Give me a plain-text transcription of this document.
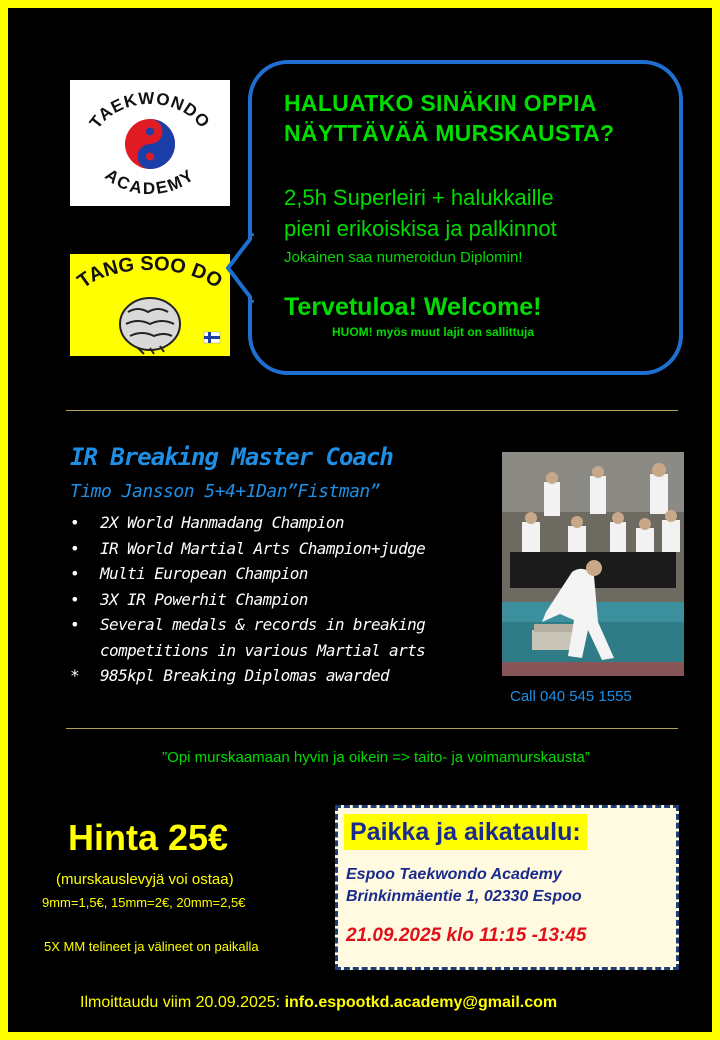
TAEKWONDO
ACADEMY
TANG SOO DO
HALUATKO SINÄKIN OPPIA
NÄYTTÄVÄÄ MURSKAUSTA?
2,5h Superleiri + halukkaille
pieni erikoiskisa ja palkinnot
Jokainen saa numeroidun Diplomin!
Tervetuloa! Welcome!
HUOM! myös muut lajit on sallittuja
IR Breaking Master Coach
Timo Jansson 5+4+1Dan”Fistman”
•	2X World Hanmadang Champion
•	IR World Martial Arts Champion+judge
•	Multi European Champion
•	3X IR Powerhit Champion
•	Several medals & records in breaking
competitions in various Martial arts
*	985kpl Breaking Diplomas awarded
Call 040 545 1555
”Opi murskaamaan hyvin ja oikein => taito- ja voimamurskausta”
Hinta 25€
(murskauslevyjä voi ostaa)
9mm=1,5€, 15mm=2€, 20mm=2,5€
5X MM telineet ja välineet on paikalla
Paikka ja aikataulu:
Espoo Taekwondo Academy
Brinkinmäentie 1, 02330 Espoo
21.09.2025 klo 11:15 -13:45
Ilmoittaudu viim 20.09.2025: info.espootkd.academy@gmail.com
